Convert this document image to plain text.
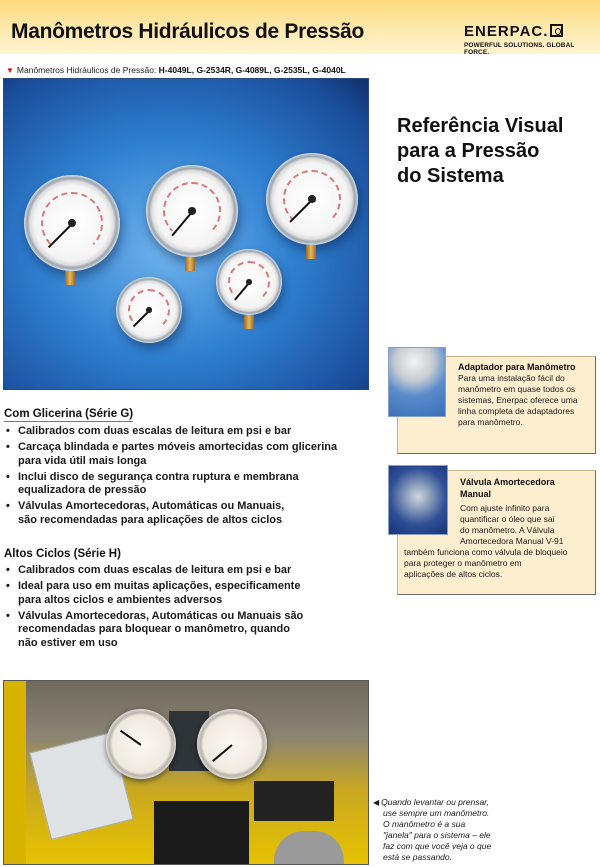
Manômetros Hidráulicos de Pressão	ENERPAC.
POWERFUL SOLUTIONS. GLOBAL FORCE.
▼ Manômetros Hidráulicos de Pressão: H-4049L, G-2534R, G-4089L, G-2535L, G-4040L
Referência Visual
para a Pressão
do Sistema
Adaptador para Manômetro
Para uma instalação fácil do
manômetro em quase todos os
sistemas, Enerpac oferece uma
linha completa de adaptadores
para manômetro.
Válvula Amortecedora
Manual
Com ajuste infinito para
quantificar o óleo que sai
do manômetro. A Válvula
Amortecedora Manual V-91
também funciona como válvula de bloqueio
para proteger o manômetro em
aplicações de altos ciclos.
Com Glicerina (Série G)
• Calibrados com duas escalas de leitura em psi e bar
• Carcaça blindada e partes móveis amortecidas com glicerina
para vida útil mais longa
• Inclui disco de segurança contra ruptura e membrana
equalizadora de pressão
• Válvulas Amortecedoras, Automáticas ou Manuais,
são recomendadas para aplicações de altos ciclos
Altos Ciclos (Série H)
• Calibrados com duas escalas de leitura em psi e bar
• Ideal para uso em muitas aplicações, especificamente
para altos ciclos e ambientes adversos
• Válvulas Amortecedoras, Automáticas ou Manuais são
recomendadas para bloquear o manômetro, quando
não estiver em uso
◀ Quando levantar ou prensar,
use sempre um manômetro.
O manômetro é a sua
"janela" para o sistema – ele
faz com que você veja o que
está se passando.
